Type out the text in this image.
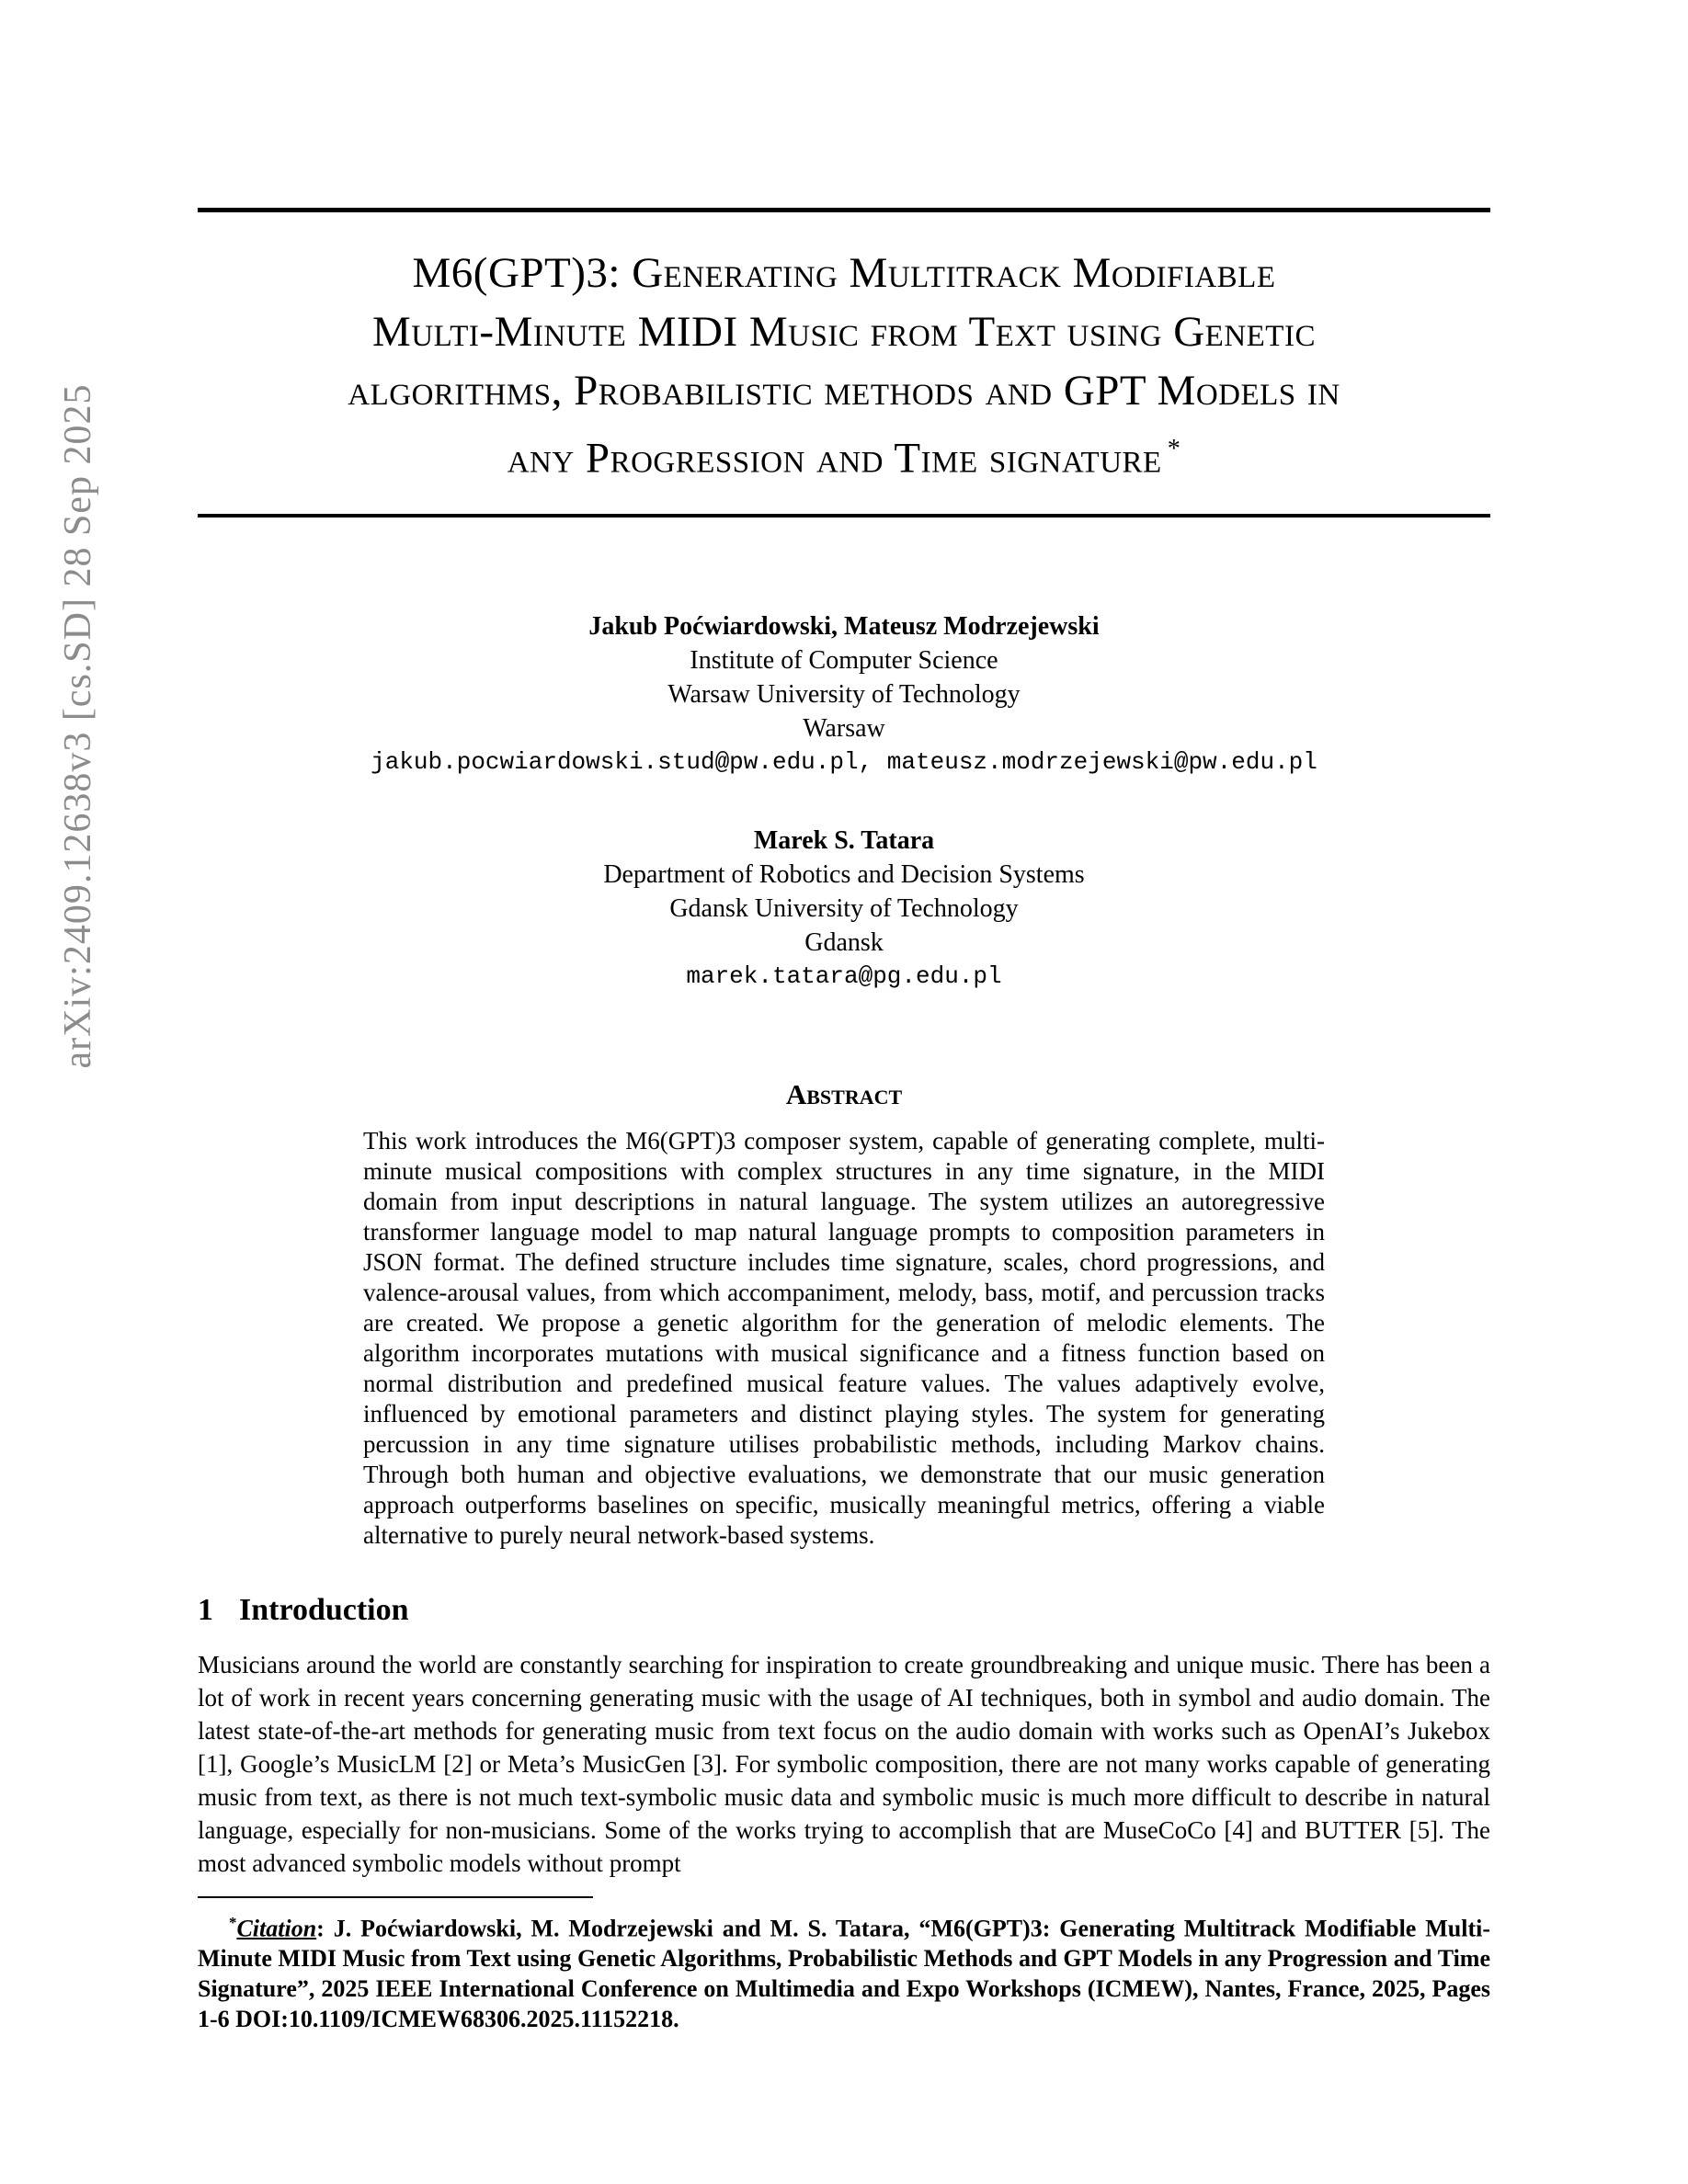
arXiv:2409.12638v3 [cs.SD] 28 Sep 2025
M6(GPT)3: Generating Multitrack Modifiable
Multi-Minute MIDI Music from Text using Genetic
algorithms, Probabilistic methods and GPT Models in
any Progression and Time signature *
Jakub Poćwiardowski, Mateusz Modrzejewski
Institute of Computer Science
Warsaw University of Technology
Warsaw
jakub.pocwiardowski.stud@pw.edu.pl, mateusz.modrzejewski@pw.edu.pl
Marek S. Tatara
Department of Robotics and Decision Systems
Gdansk University of Technology
Gdansk
marek.tatara@pg.edu.pl
Abstract

This work introduces the M6(GPT)3 composer system, capable of generating complete, multi-minute musical compositions with complex structures in any time signature, in the MIDI domain from input descriptions in natural language. The system utilizes an autoregressive transformer language model to map natural language prompts to composition parameters in JSON format. The defined structure includes time signature, scales, chord progressions, and valence-arousal values, from which accompaniment, melody, bass, motif, and percussion tracks are created. We propose a genetic algorithm for the generation of melodic elements. The algorithm incorporates mutations with musical significance and a fitness function based on normal distribution and predefined musical feature values. The values adaptively evolve, influenced by emotional parameters and distinct playing styles. The system for generating percussion in any time signature utilises probabilistic methods, including Markov chains. Through both human and objective evaluations, we demonstrate that our music generation approach outperforms baselines on specific, musically meaningful metrics, offering a viable alternative to purely neural network-based systems.

1 Introduction

Musicians around the world are constantly searching for inspiration to create groundbreaking and unique music. There has been a lot of work in recent years concerning generating music with the usage of AI techniques, both in symbol and audio domain. The latest state-of-the-art methods for generating music from text focus on the audio domain with works such as OpenAI’s Jukebox [1], Google’s MusicLM [2] or Meta’s MusicGen [3]. For symbolic composition, there are not many works capable of generating music from text, as there is not much text-symbolic music data and symbolic music is much more difficult to describe in natural language, especially for non-musicians. Some of the works trying to accomplish that are MuseCoCo [4] and BUTTER [5]. The most advanced symbolic models without prompt

*Citation: J. Poćwiardowski, M. Modrzejewski and M. S. Tatara, “M6(GPT)3: Generating Multitrack Modifiable Multi-Minute MIDI Music from Text using Genetic Algorithms, Probabilistic Methods and GPT Models in any Progression and Time Signature”, 2025 IEEE International Conference on Multimedia and Expo Workshops (ICMEW), Nantes, France, 2025, Pages 1-6 DOI:10.1109/ICMEW68306.2025.11152218.
